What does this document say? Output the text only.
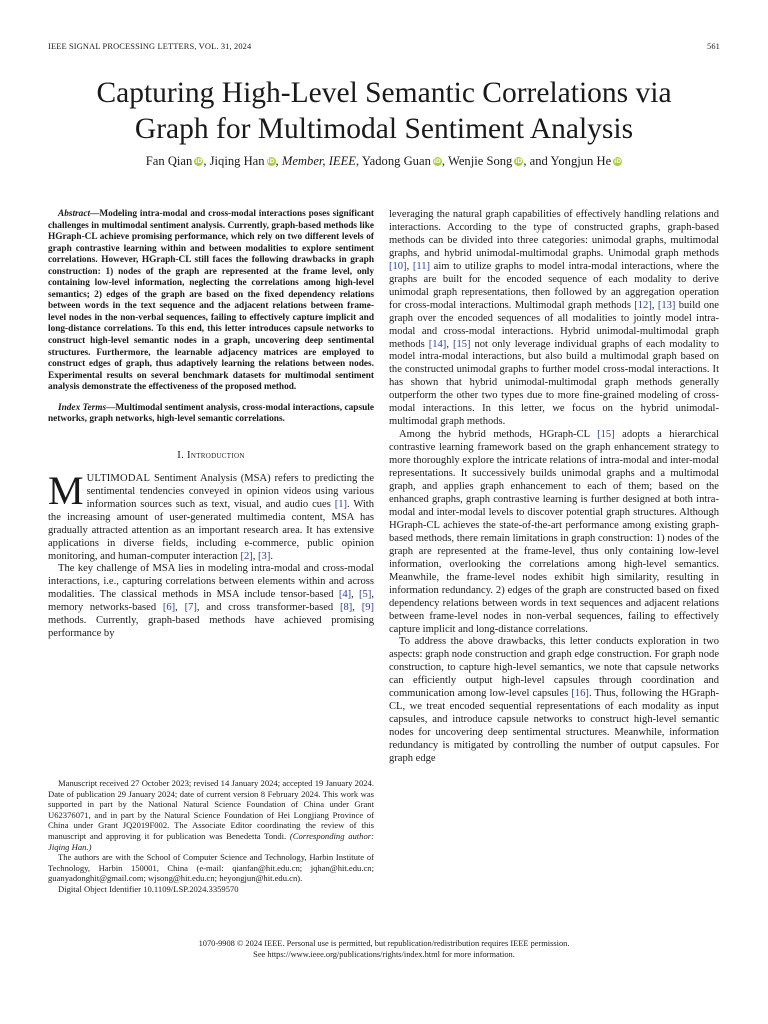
IEEE SIGNAL PROCESSING LETTERS, VOL. 31, 2024	561
Capturing High-Level Semantic Correlations via
Graph for Multimodal Sentiment Analysis
Fan Qian iD, Jiqing Han iD, Member, IEEE, Yadong Guan iD, Wenjie Song iD, and Yongjun He iD

Abstract—Modeling intra-modal and cross-modal interactions poses significant challenges in multimodal sentiment analysis. Currently, graph-based methods like HGraph-CL achieve promising performance, which rely on two different levels of graph contrastive learning within and between modalities to explore sentiment correlations. However, HGraph-CL still faces the following drawbacks in graph construction: 1) nodes of the graph are represented at the frame level, only containing low-level information, neglecting the correlations among high-level semantics; 2) edges of the graph are based on the fixed dependency relations between words in the text sequence and the adjacent relations between frame-level nodes in the non-verbal sequences, failing to effectively capture implicit and long-distance correlations. To this end, this letter introduces capsule networks to construct high-level semantic nodes in a graph, uncovering deep sentimental structures. Furthermore, the learnable adjacency matrices are employed to construct edges of graph, thus adaptively learning the relations between nodes. Experimental results on several benchmark datasets for multimodal sentiment analysis demonstrate the effectiveness of the proposed method.

Index Terms—Multimodal sentiment analysis, cross-modal interactions, capsule networks, graph networks, high-level semantic correlations.

I. Introduction

MULTIMODAL Sentiment Analysis (MSA) refers to predicting the sentimental tendencies conveyed in opinion videos using various information sources such as text, visual, and audio cues [1]. With the increasing amount of user-generated multimedia content, MSA has gradually attracted attention as an important research area. It has extensive applications in diverse fields, including e-commerce, public opinion monitoring, and human-computer interaction [2], [3].

The key challenge of MSA lies in modeling intra-modal and cross-modal interactions, i.e., capturing correlations between elements within and across modalities. The classical methods in MSA include tensor-based [4], [5], memory networks-based [6], [7], and cross transformer-based [8], [9] methods. Currently, graph-based methods have achieved promising performance by

Manuscript received 27 October 2023; revised 14 January 2024; accepted 19 January 2024. Date of publication 29 January 2024; date of current version 8 February 2024. This work was supported in part by the National Natural Science Foundation of China under Grant U62376071, and in part by the Natural Science Foundation of Hei Longjiang Province of China under Grant JQ2019F002. The Associate Editor coordinating the review of this manuscript and approving it for publication was Benedetta Tondi. (Corresponding author: Jiqing Han.)

The authors are with the School of Computer Science and Technology, Harbin Institute of Technology, Harbin 150001, China (e-mail: qianfan@hit.edu.cn; jqhan@hit.edu.cn; guanyadonghit@gmail.com; wjsong@hit.edu.cn; heyongjun@hit.edu.cn).

Digital Object Identifier 10.1109/LSP.2024.3359570

leveraging the natural graph capabilities of effectively handling relations and interactions. According to the type of constructed graphs, graph-based methods can be divided into three categories: unimodal graphs, multimodal graphs, and hybrid unimodal-multimodal graphs. Unimodal graph methods [10], [11] aim to utilize graphs to model intra-modal interactions, where the graphs are built for the encoded sequence of each modality to derive unimodal graph representations, then followed by an aggregation operation for cross-modal interactions. Multimodal graph methods [12], [13] build one graph over the encoded sequences of all modalities to jointly model intra-modal and cross-modal interactions. Hybrid unimodal-multimodal graph methods [14], [15] not only leverage individual graphs of each modality to model intra-modal interactions, but also build a multimodal graph based on the constructed unimodal graphs to further model cross-modal interactions. It has shown that hybrid unimodal-multimodal graph methods generally outperform the other two types due to more fine-grained modeling of cross-modal interactions. In this letter, we focus on the hybrid unimodal-multimodal graph methods.

Among the hybrid methods, HGraph-CL [15] adopts a hierarchical contrastive learning framework based on the graph enhancement strategy to more thoroughly explore the intricate relations of intra-modal and inter-modal representations. It successively builds unimodal graphs and a multimodal graph, and applies graph enhancement to each of them; based on the enhanced graphs, graph contrastive learning is further designed at both intra-modal and inter-modal levels to discover potential graph structures. Although HGraph-CL achieves the state-of-the-art performance among existing graph-based methods, there remain limitations in graph construction: 1) nodes of the graph are represented at the frame-level, thus only containing low-level information, overlooking the correlations among high-level semantics. Meanwhile, the frame-level nodes exhibit high similarity, resulting in information redundancy. 2) edges of the graph are constructed based on fixed dependency relations between words in text sequences and adjacent relations between frame-level nodes in non-verbal sequences, failing to effectively capture implicit and long-distance correlations.

To address the above drawbacks, this letter conducts exploration in two aspects: graph node construction and graph edge construction. For graph node construction, to capture high-level semantics, we note that capsule networks can efficiently output high-level capsules through coordination and communication among low-level capsules [16]. Thus, following the HGraph-CL, we treat encoded sequential representations of each modality as input capsules, and introduce capsule networks to construct high-level semantic nodes for uncovering deep sentimental structures. Meanwhile, information redundancy is mitigated by controlling the number of output capsules. For graph edge

1070-9908 © 2024 IEEE. Personal use is permitted, but republication/redistribution requires IEEE permission.
See https://www.ieee.org/publications/rights/index.html for more information.
